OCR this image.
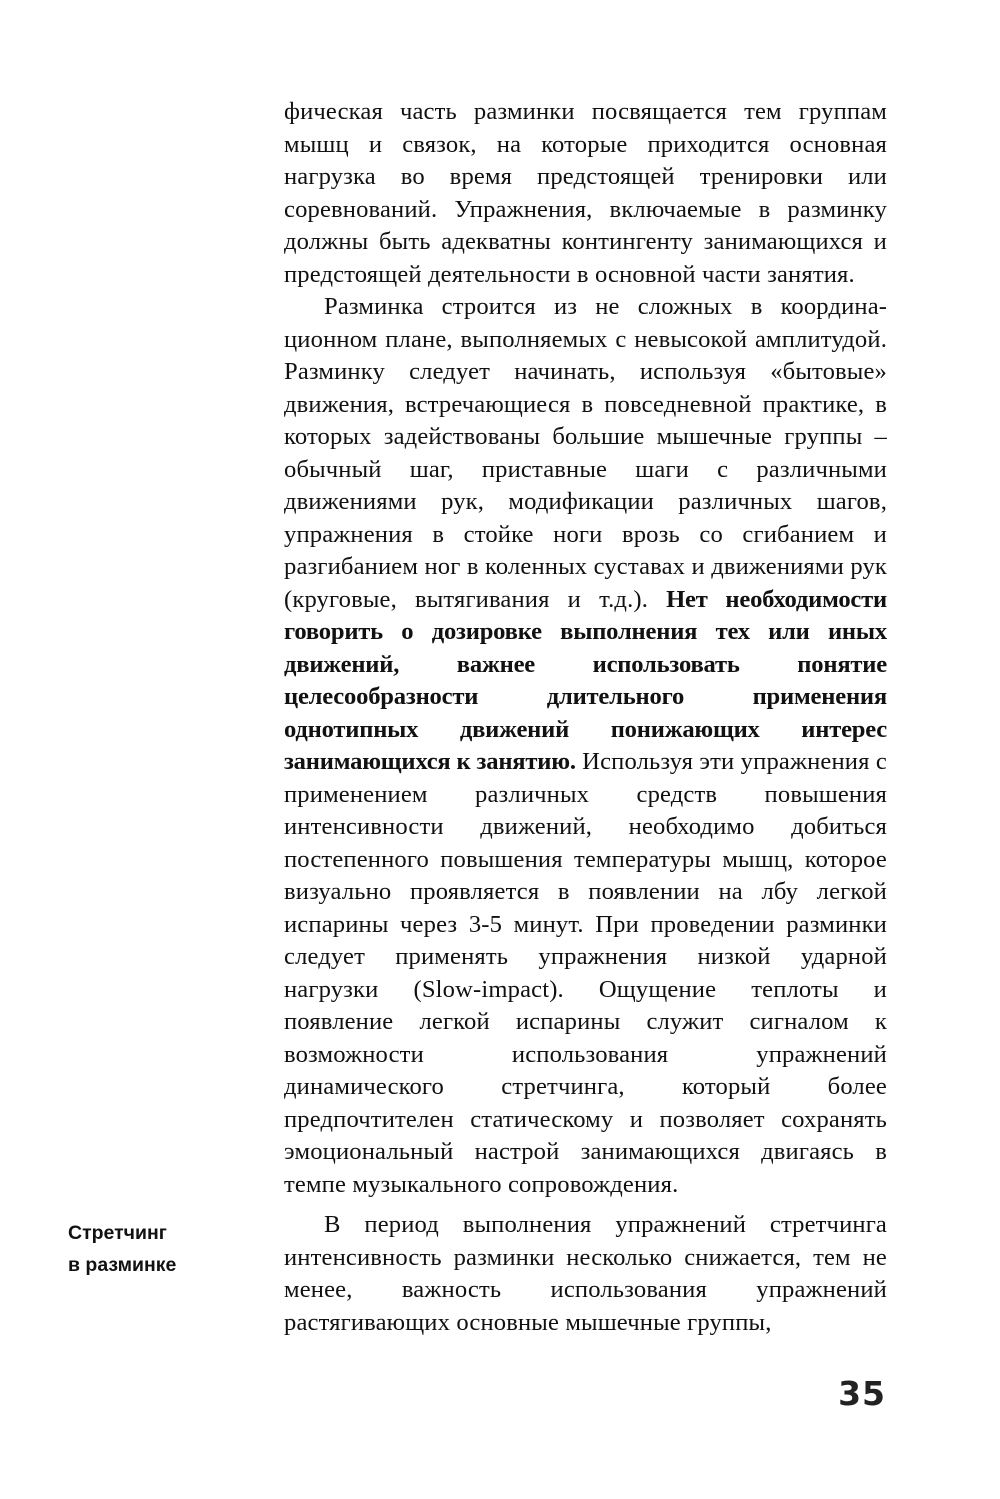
фическая часть разминки посвящается тем группам мышц и связок, на которые приходится основная нагрузка во время предстоящей тренировки или соревнований. Упражнения, включаемые в разминку должны быть адекватны контингенту занимающихся и предстоящей деятельности в основной части занятия.

Разминка строится из не сложных в координационном плане, выполняемых с невысокой амплитудой. Разминку следует начинать, используя «бытовые» движения, встречающиеся в повседневной практике, в которых задействованы большие мышечные группы – обычный шаг, приставные шаги с различными движениями рук, модификации различных шагов, упражнения в стойке ноги врозь со сгибанием и разгибанием ног в коленных суставах и движениями рук (круговые, вытягивания и т.д.). Нет необходимости говорить о дозировке выполнения тех или иных движений, важнее использовать понятие целесообразности длительного применения однотипных движений понижающих интерес занимающихся к занятию. Используя эти упражнения с применением различных средств повышения интенсивности движений, необходимо добиться постепенного повышения температуры мышц, которое визуально проявляется в появлении на лбу легкой испарины через 3-5 минут. При проведении разминки следует применять упражнения низкой ударной нагрузки (Slow-impact). Ощущение теплоты и появление легкой испарины служит сигналом к возможности использования упражнений динамического стретчинга, который более предпочтителен статическому и позволяет сохранять эмоциональный настрой занимающихся двигаясь в темпе музыкального сопровождения.

В период выполнения упражнений стретчинга интенсивность разминки несколько снижается, тем не менее, важность использования упражнений растягивающих основные мышечные группы,

Стретчинг
в разминке
35
